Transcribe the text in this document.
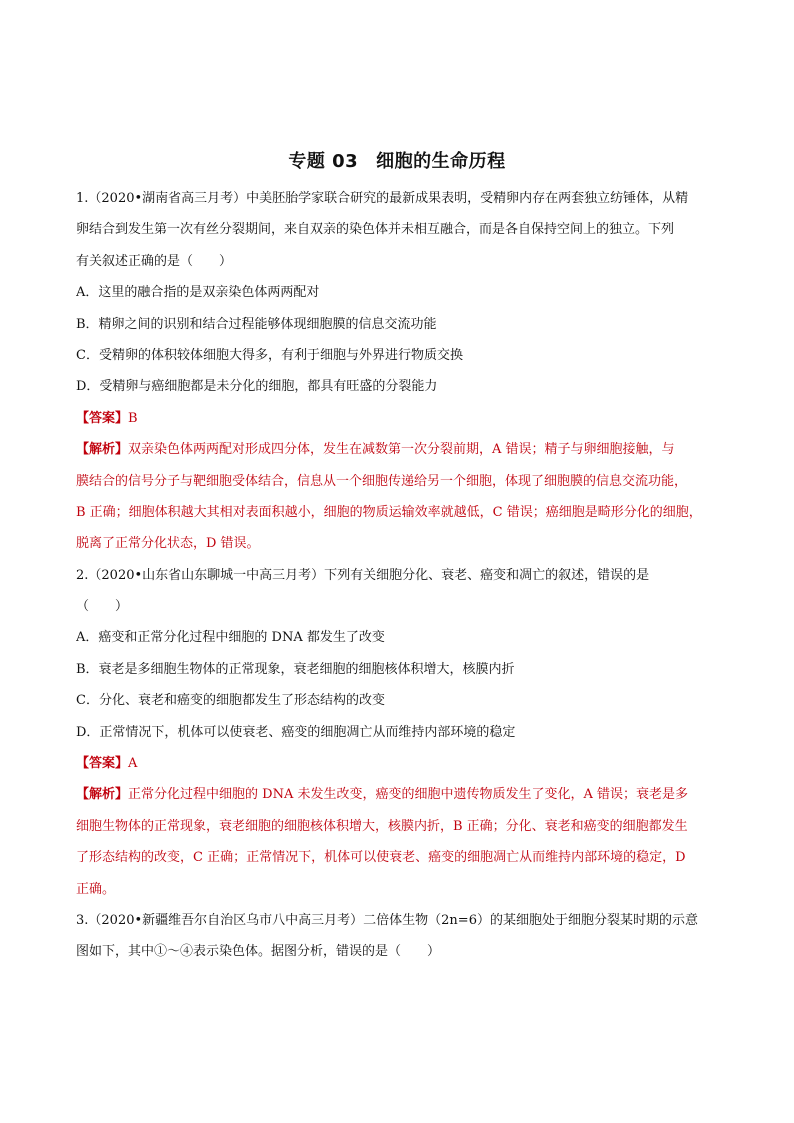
专题 03 细胞的生命历程
1.（2020•湖南省高三月考）中美胚胎学家联合研究的最新成果表明，受精卵内存在两套独立纺锤体，从精
卵结合到发生第一次有丝分裂期间，来自双亲的染色体并未相互融合，而是各自保持空间上的独立。下列
有关叙述正确的是（　　）
A．这里的融合指的是双亲染色体两两配对
B．精卵之间的识别和结合过程能够体现细胞膜的信息交流功能
C．受精卵的体积较体细胞大得多，有利于细胞与外界进行物质交换
D．受精卵与癌细胞都是未分化的细胞，都具有旺盛的分裂能力
【答案】B
【解析】双亲染色体两两配对形成四分体，发生在减数第一次分裂前期，A 错误；精子与卵细胞接触，与
膜结合的信号分子与靶细胞受体结合，信息从一个细胞传递给另一个细胞，体现了细胞膜的信息交流功能，
B 正确；细胞体积越大其相对表面积越小，细胞的物质运输效率就越低，C 错误；癌细胞是畸形分化的细胞，
脱离了正常分化状态，D 错误。
2.（2020•山东省山东聊城一中高三月考）下列有关细胞分化、衰老、癌变和凋亡的叙述，错误的是
（　　）
A．癌变和正常分化过程中细胞的 DNA 都发生了改变
B．衰老是多细胞生物体的正常现象，衰老细胞的细胞核体积增大，核膜内折
C．分化、衰老和癌变的细胞都发生了形态结构的改变
D．正常情况下，机体可以使衰老、癌变的细胞凋亡从而维持内部环境的稳定
【答案】A
【解析】正常分化过程中细胞的 DNA 未发生改变，癌变的细胞中遗传物质发生了变化，A 错误；衰老是多
细胞生物体的正常现象，衰老细胞的细胞核体积增大，核膜内折，B 正确；分化、衰老和癌变的细胞都发生
了形态结构的改变，C 正确；正常情况下，机体可以使衰老、癌变的细胞凋亡从而维持内部环境的稳定，D
正确。
3.（2020•新疆维吾尔自治区乌市八中高三月考）二倍体生物（2n=6）的某细胞处于细胞分裂某时期的示意
图如下，其中①～④表示染色体。据图分析，错误的是（　　）
